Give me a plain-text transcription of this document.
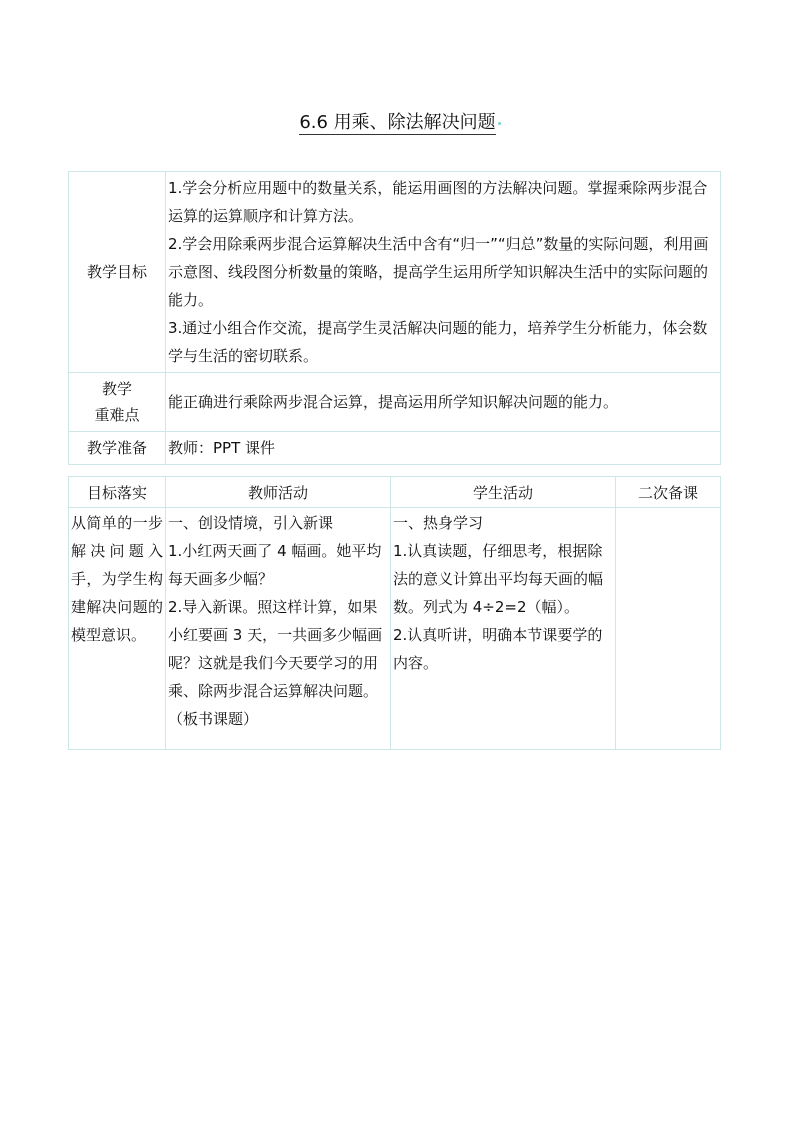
6.6 用乘、除法解决问题
教学目标	1.学会分析应用题中的数量关系，能运用画图的方法解决问题。掌握乘除两步混合运算的运算顺序和计算方法。
2.学会用除乘两步混合运算解决生活中含有“归一”“归总”数量的实际问题，利用画示意图、线段图分析数量的策略，提高学生运用所学知识解决生活中的实际问题的能力。
3.通过小组合作交流，提高学生灵活解决问题的能力，培养学生分析能力，体会数学与生活的密切联系。

教学
重难点	能正确进行乘除两步混合运算，提高运用所学知识解决问题的能力。
教学准备	教师：PPT 课件
目标落实	教师活动	学生活动	二次备课
从简单的一步解决问题入手，为学生构建解决问题的模型意识。	一、创设情境，引入新课
1.小红两天画了 4 幅画。她平均每天画多少幅？
2.导入新课。照这样计算，如果小红要画 3 天，一共画多少幅画呢？这就是我们今天要学习的用乘、除两步混合运算解决问题。（板书课题）	一、热身学习
1.认真读题，仔细思考，根据除法的意义计算出平均每天画的幅数。列式为 4÷2=2（幅）。
2.认真听讲，明确本节课要学的内容。	
